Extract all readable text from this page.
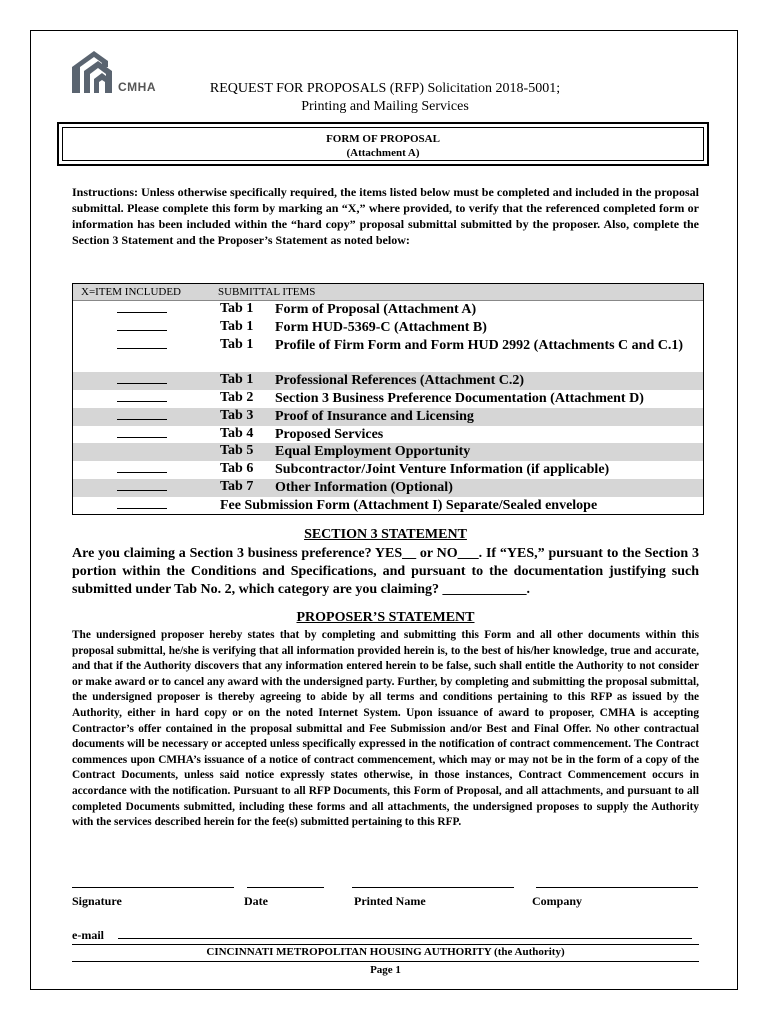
CMHA	REQUEST FOR PROPOSALS (RFP) Solicitation 2018-5001;
Printing and Mailing Services
FORM OF PROPOSAL
(Attachment A)
Instructions: Unless otherwise specifically required, the items listed below must be completed and included in the proposal submittal. Please complete this form by marking an “X,” where provided, to verify that the referenced completed form or information has been included within the “hard copy” proposal submittal submitted by the proposer. Also, complete the Section 3 Statement and the Proposer’s Statement as noted below:
X=ITEM INCLUDED	SUBMITTAL ITEMS
Tab 1 Form of Proposal (Attachment A)
Tab 1 Form HUD-5369-C (Attachment B)
Tab 1 Profile of Firm Form and Form HUD 2992 (Attachments C and C.1)
Tab 1 Professional References (Attachment C.2)
Tab 2 Section 3 Business Preference Documentation (Attachment D)
Tab 3 Proof of Insurance and Licensing
Tab 4 Proposed Services
Tab 5 Equal Employment Opportunity
Tab 6 Subcontractor/Joint Venture Information (if applicable)
Tab 7 Other Information (Optional)
Fee Submission Form (Attachment I) Separate/Sealed envelope
SECTION 3 STATEMENT
Are you claiming a Section 3 business preference? YES__ or NO___. If “YES,” pursuant to the Section 3 portion within the Conditions and Specifications, and pursuant to the documentation justifying such submitted under Tab No. 2, which category are you claiming? ____________.
PROPOSER’S STATEMENT
The undersigned proposer hereby states that by completing and submitting this Form and all other documents within this proposal submittal, he/she is verifying that all information provided herein is, to the best of his/her knowledge, true and accurate, and that if the Authority discovers that any information entered herein to be false, such shall entitle the Authority to not consider or make award or to cancel any award with the undersigned party. Further, by completing and submitting the proposal submittal, the undersigned proposer is thereby agreeing to abide by all terms and conditions pertaining to this RFP as issued by the Authority, either in hard copy or on the noted Internet System. Upon issuance of award to proposer, CMHA is accepting Contractor’s offer contained in the proposal submittal and Fee Submission and/or Best and Final Offer. No other contractual documents will be necessary or accepted unless specifically expressed in the notification of contract commencement. The Contract commences upon CMHA’s issuance of a notice of contract commencement, which may or may not be in the form of a copy of the Contract Documents, unless said notice expressly states otherwise, in those instances, Contract Commencement occurs in accordance with the notification. Pursuant to all RFP Documents, this Form of Proposal, and all attachments, and pursuant to all completed Documents submitted, including these forms and all attachments, the undersigned proposes to supply the Authority with the services described herein for the fee(s) submitted pertaining to this RFP.
Signature	Date	Printed Name	Company
e-mail
CINCINNATI METROPOLITAN HOUSING AUTHORITY (the Authority)
Page 1
